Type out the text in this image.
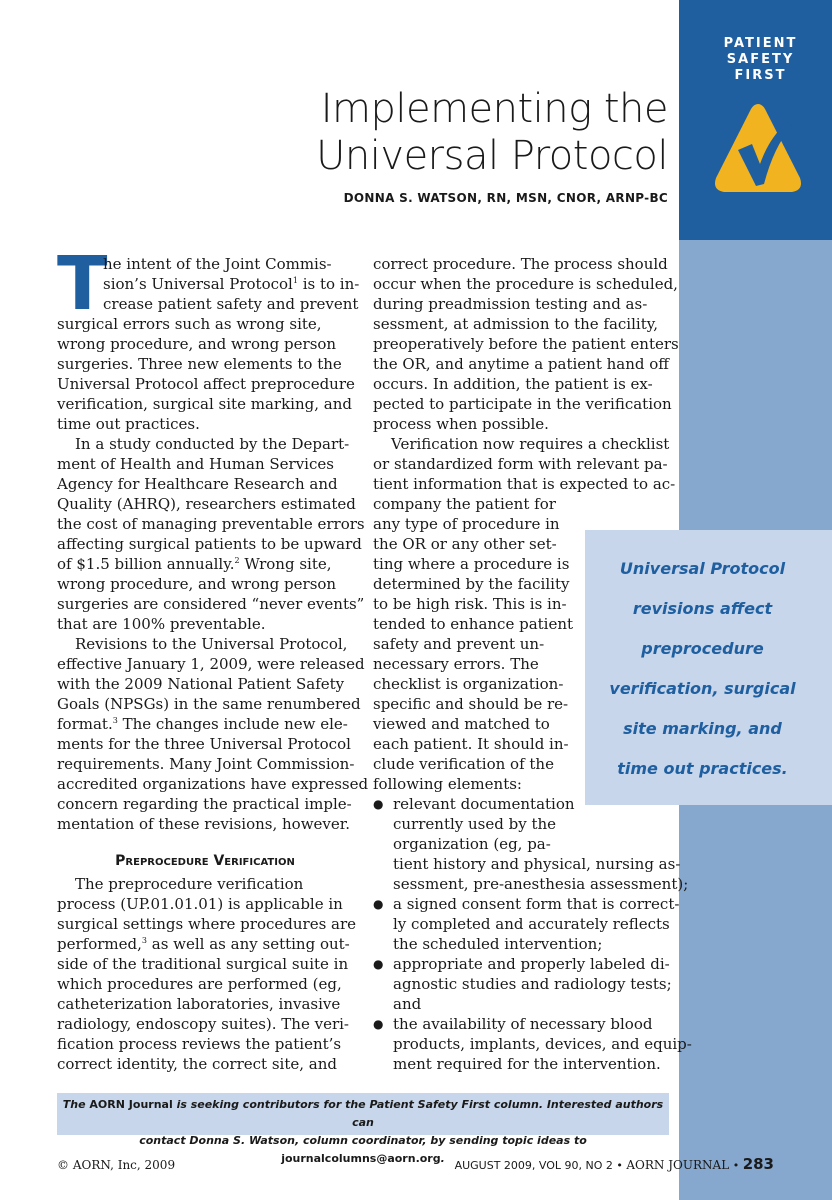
PATIENT
SAFETY
FIRST
Implementing the
Universal Protocol
DONNA S. WATSON, RN, MSN, CNOR, ARNP-BC
T
he intent of the Joint Commis-
sion’s Universal Protocol$^1$ is to in-
crease patient safety and prevent
surgical errors such as wrong site,
wrong procedure, and wrong person
surgeries. Three new elements to the
Universal Protocol affect preprocedure
verification, surgical site marking, and
time out practices.
In a study conducted by the Depart-
ment of Health and Human Services
Agency for Healthcare Research and
Quality (AHRQ), researchers estimated
the cost of managing preventable errors
affecting surgical patients to be upward
of $1.5 billion annually.$^2$ Wrong site,
wrong procedure, and wrong person
surgeries are considered “never events”
that are 100% preventable.
Revisions to the Universal Protocol,
effective January 1, 2009, were released
with the 2009 National Patient Safety
Goals (NPSGs) in the same renumbered
format.$^3$ The changes include new ele-
ments for the three Universal Protocol
requirements. Many Joint Commission-
accredited organizations have expressed
concern regarding the practical imple-
mentation of these revisions, however.
Preprocedure Verification
The preprocedure verification
process (UP.01.01.01) is applicable in
surgical settings where procedures are
performed,$^3$ as well as any setting out-
side of the traditional surgical suite in
which procedures are performed (eg,
catheterization laboratories, invasive
radiology, endoscopy suites). The veri-
fication process reviews the patient’s
correct identity, the correct site, and
correct procedure. The process should
occur when the procedure is scheduled,
during preadmission testing and as-
sessment, at admission to the facility,
preoperatively before the patient enters
the OR, and anytime a patient hand off
occurs. In addition, the patient is ex-
pected to participate in the verification
process when possible.
Verification now requires a checklist
or standardized form with relevant pa-
tient information that is expected to ac-
company the patient for
any type of procedure in
the OR or any other set-
ting where a procedure is
determined by the facility
to be high risk. This is in-
tended to enhance patient
safety and prevent un-
necessary errors. The
checklist is organization-
specific and should be re-
viewed and matched to
each patient. It should in-
clude verification of the
following elements:
● relevant documentation
currently used by the
organization (eg, pa-
tient history and physical, nursing as-
sessment, pre-anesthesia assessment);
● a signed consent form that is correct-
ly completed and accurately reflects
the scheduled intervention;
● appropriate and properly labeled di-
agnostic studies and radiology tests;
and
● the availability of necessary blood
products, implants, devices, and equip-
ment required for the intervention.
Universal Protocol
revisions affect
preprocedure
verification, surgical
site marking, and
time out practices.
The AORN Journal is seeking contributors for the Patient Safety First column. Interested authors can
contact Donna S. Watson, column coordinator, by sending topic ideas to journalcolumns@aorn.org.
© AORN, Inc, 2009	AUGUST 2009, VOL 90, NO 2 • AORN JOURNAL • 283
